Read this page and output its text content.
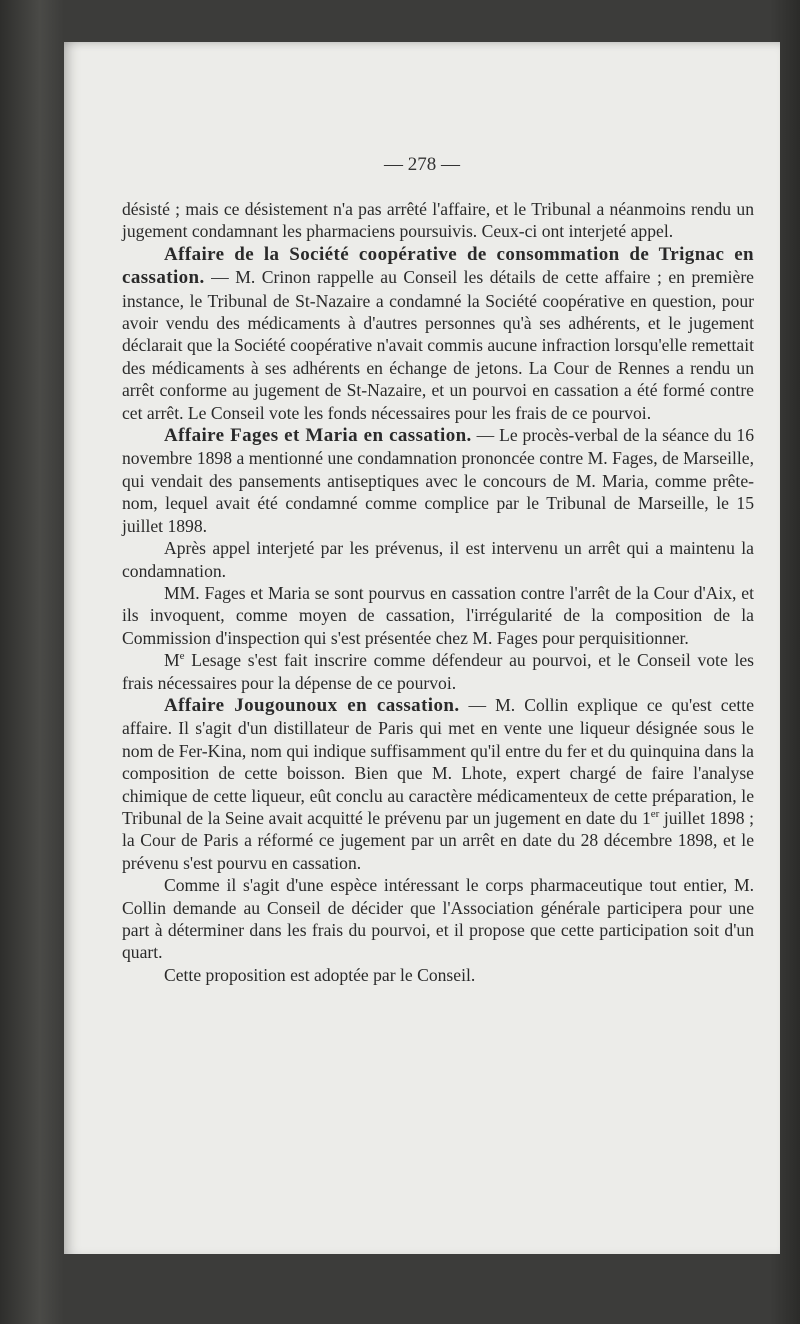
— 278 —

désisté ; mais ce désistement n'a pas arrêté l'affaire, et le Tribunal a néanmoins rendu un jugement condamnant les pharmaciens poursuivis. Ceux-ci ont interjeté appel.

Affaire de la Société coopérative de consommation de Trignac en cassation. — M. Crinon rappelle au Conseil les détails de cette affaire ; en première instance, le Tribunal de St-Nazaire a condamné la Société coopérative en question, pour avoir vendu des médicaments à d'autres personnes qu'à ses adhérents, et le jugement déclarait que la Société coopérative n'avait commis aucune infraction lorsqu'elle remettait des médicaments à ses adhérents en échange de jetons. La Cour de Rennes a rendu un arrêt conforme au jugement de St-Nazaire, et un pourvoi en cassation a été formé contre cet arrêt. Le Conseil vote les fonds nécessaires pour les frais de ce pourvoi.

Affaire Fages et Maria en cassation. — Le procès-verbal de la séance du 16 novembre 1898 a mentionné une condamnation prononcée contre M. Fages, de Marseille, qui vendait des pansements antiseptiques avec le concours de M. Maria, comme prête-nom, lequel avait été condamné comme complice par le Tribunal de Marseille, le 15 juillet 1898.

Après appel interjeté par les prévenus, il est intervenu un arrêt qui a maintenu la condamnation.

MM. Fages et Maria se sont pourvus en cassation contre l'arrêt de la Cour d'Aix, et ils invoquent, comme moyen de cassation, l'irrégularité de la composition de la Commission d'inspection qui s'est présentée chez M. Fages pour perquisitionner.

Me Lesage s'est fait inscrire comme défendeur au pourvoi, et le Conseil vote les frais nécessaires pour la dépense de ce pourvoi.

Affaire Jougounoux en cassation. — M. Collin explique ce qu'est cette affaire. Il s'agit d'un distillateur de Paris qui met en vente une liqueur désignée sous le nom de Fer-Kina, nom qui indique suffisamment qu'il entre du fer et du quinquina dans la composition de cette boisson. Bien que M. Lhote, expert chargé de faire l'analyse chimique de cette liqueur, eût conclu au caractère médicamenteux de cette préparation, le Tribunal de la Seine avait acquitté le prévenu par un jugement en date du 1er juillet 1898 ; la Cour de Paris a réformé ce jugement par un arrêt en date du 28 décembre 1898, et le prévenu s'est pourvu en cassation.

Comme il s'agit d'une espèce intéressant le corps pharmaceutique tout entier, M. Collin demande au Conseil de décider que l'Association générale participera pour une part à déterminer dans les frais du pourvoi, et il propose que cette participation soit d'un quart.

Cette proposition est adoptée par le Conseil.
